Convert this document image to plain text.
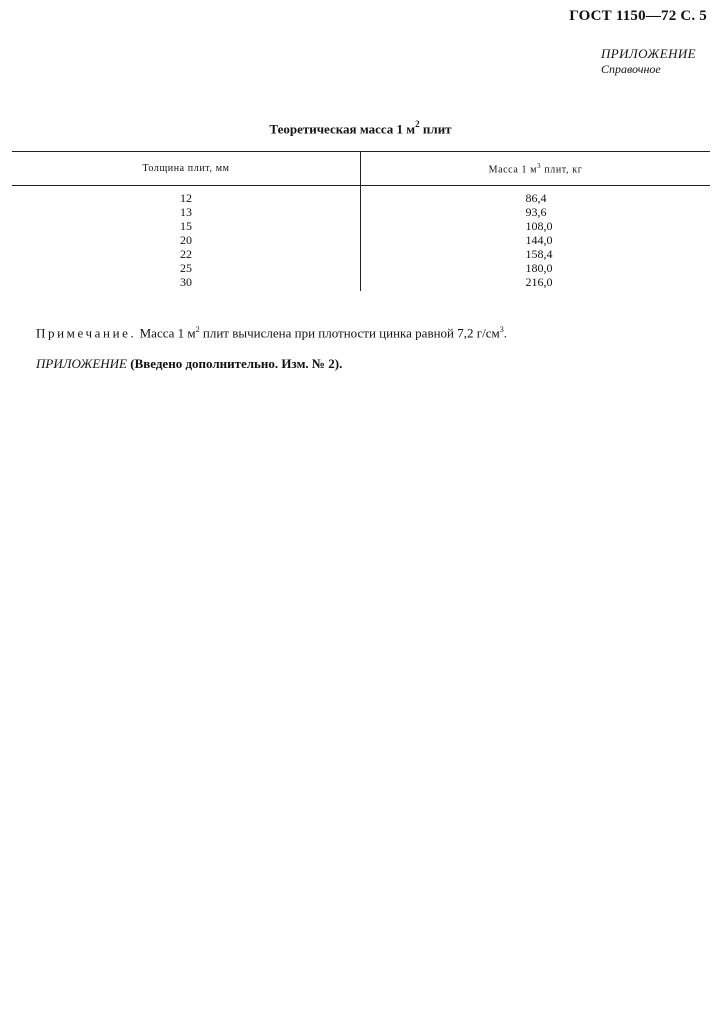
ГОСТ 1150—72 С. 5
ПРИЛОЖЕНИЕ
Справочное
Теоретическая масса 1 $м^2$ плит
Толщина плит, мм	Масса 1 $м^3$ плит, кг
12	86,4
13	93,6
15	108,0
20	144,0
22	158,4
25	180,0
30	216,0
Примечание. Масса 1 $м^2$ плит вычислена при плотности цинка равной 7,2 $г/см^3$.
ПРИЛОЖЕНИЕ (Введено дополнительно. Изм. № 2).
